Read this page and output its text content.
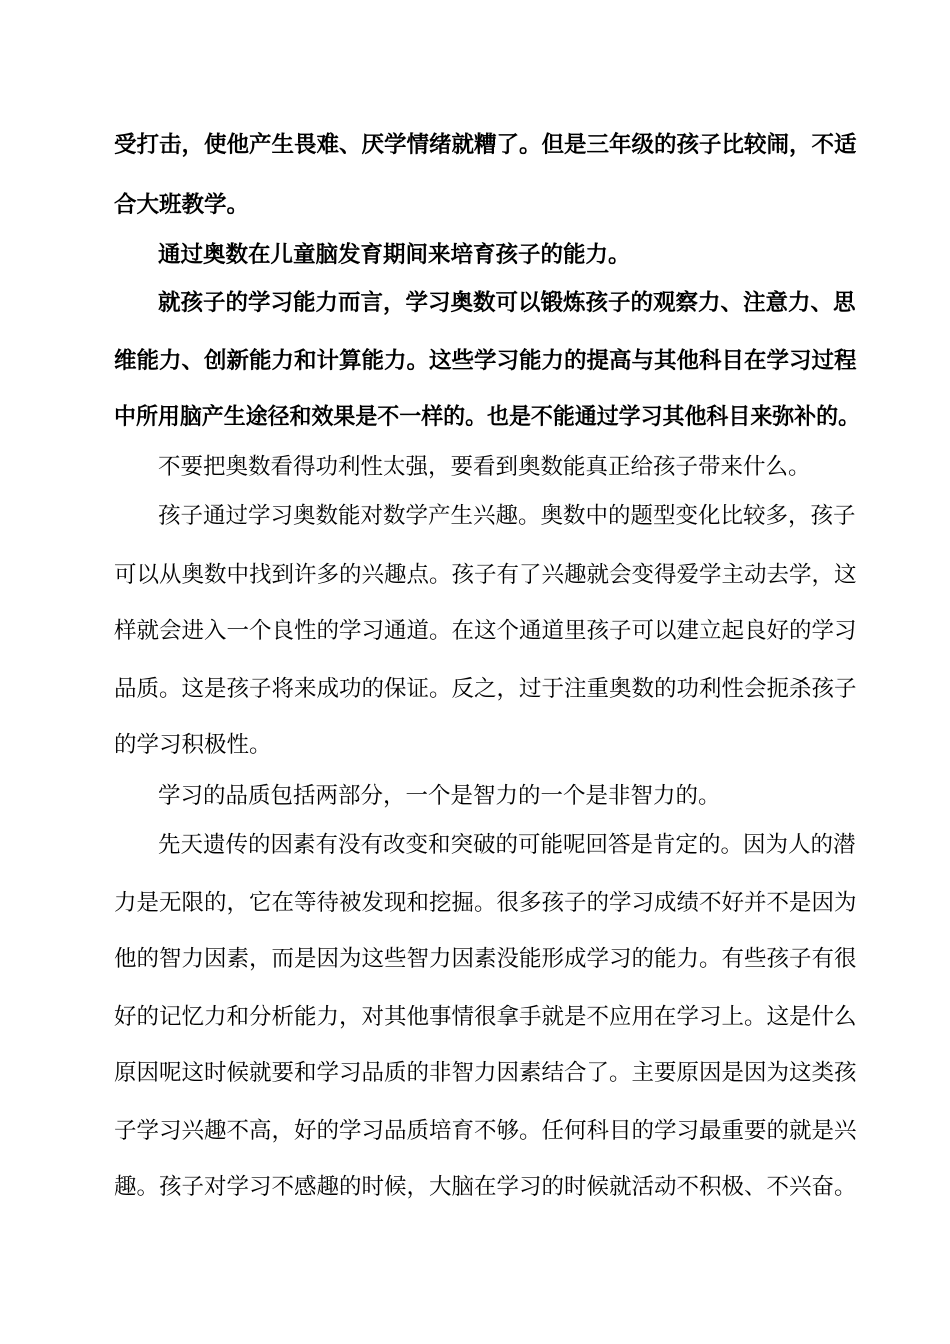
受打击，使他产生畏难、厌学情绪就糟了。但是三年级的孩子比较闹，不适
合大班教学。
通过奥数在儿童脑发育期间来培育孩子的能力。
就孩子的学习能力而言，学习奥数可以锻炼孩子的观察力、注意力、思
维能力、创新能力和计算能力。这些学习能力的提高与其他科目在学习过程
中所用脑产生途径和效果是不一样的。也是不能通过学习其他科目来弥补的。
不要把奥数看得功利性太强，要看到奥数能真正给孩子带来什么。
孩子通过学习奥数能对数学产生兴趣。奥数中的题型变化比较多，孩子
可以从奥数中找到许多的兴趣点。孩子有了兴趣就会变得爱学主动去学，这
样就会进入一个良性的学习通道。在这个通道里孩子可以建立起良好的学习
品质。这是孩子将来成功的保证。反之，过于注重奥数的功利性会扼杀孩子
的学习积极性。
学习的品质包括两部分，一个是智力的一个是非智力的。
先天遗传的因素有没有改变和突破的可能呢回答是肯定的。因为人的潜
力是无限的，它在等待被发现和挖掘。很多孩子的学习成绩不好并不是因为
他的智力因素，而是因为这些智力因素没能形成学习的能力。有些孩子有很
好的记忆力和分析能力，对其他事情很拿手就是不应用在学习上。这是什么
原因呢这时候就要和学习品质的非智力因素结合了。主要原因是因为这类孩
子学习兴趣不高，好的学习品质培育不够。任何科目的学习最重要的就是兴
趣。孩子对学习不感趣的时候，大脑在学习的时候就活动不积极、不兴奋。
